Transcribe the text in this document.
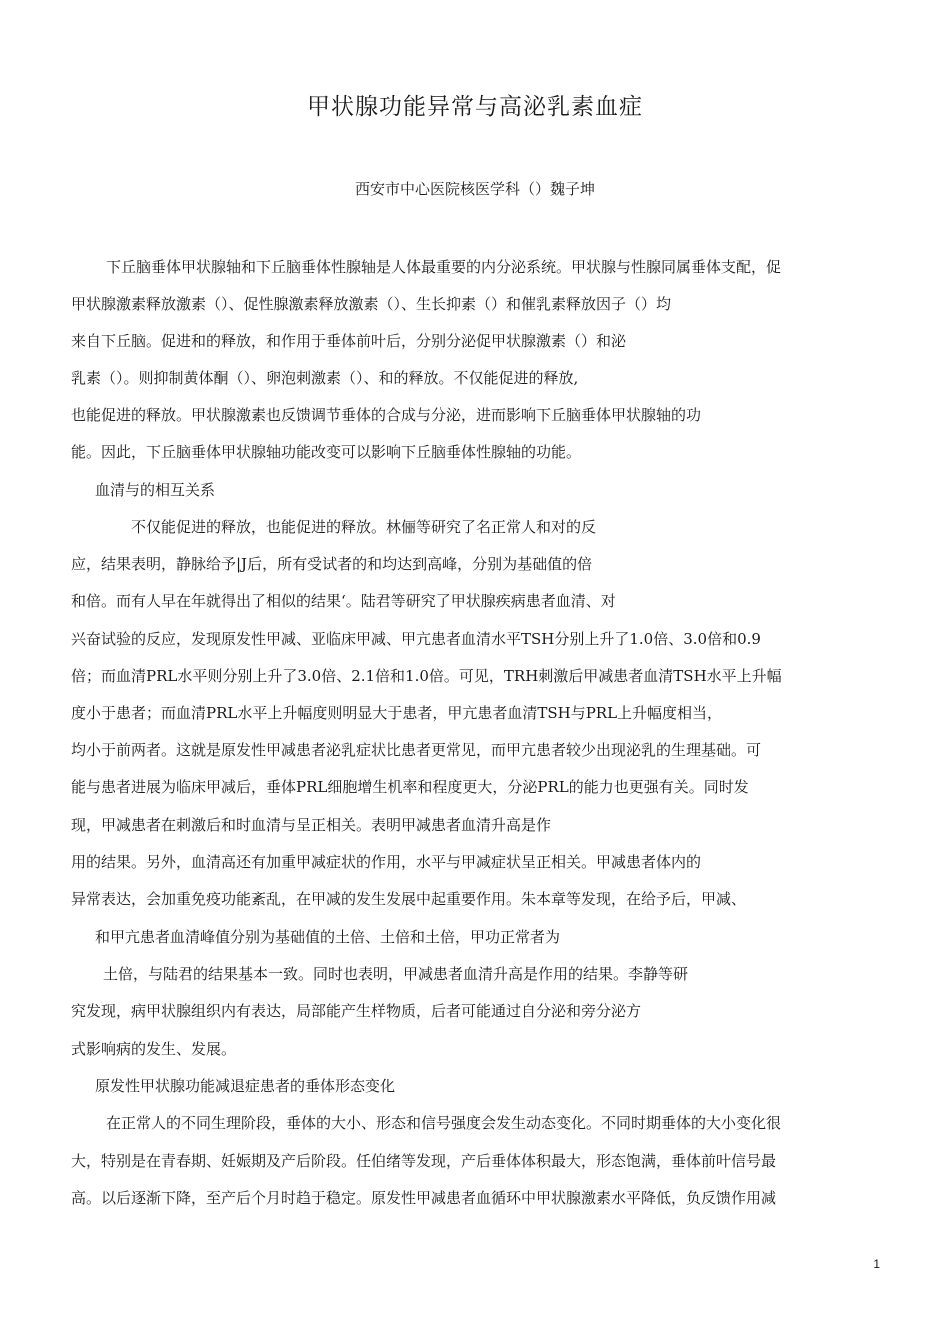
甲状腺功能异常与高泌乳素血症
西安市中心医院核医学科（）魏子坤
下丘脑垂体甲状腺轴和下丘脑垂体性腺轴是人体最重要的内分泌系统。甲状腺与性腺同属垂体支配，促
甲状腺激素释放激素（）、促性腺激素释放激素（）、生长抑素（）和催乳素释放因子（）均
来自下丘脑。促进和的释放，和作用于垂体前叶后，分别分泌促甲状腺激素（）和泌
乳素（）。则抑制黄体酮（）、卵泡刺激素（）、和的释放。不仅能促进的释放,
也能促进的释放。甲状腺激素也反馈调节垂体的合成与分泌，进而影响下丘脑垂体甲状腺轴的功
能。因此，下丘脑垂体甲状腺轴功能改变可以影响下丘脑垂体性腺轴的功能。
血清与的相互关系
不仅能促进的释放，也能促进的释放。林俪等研究了名正常人和对的反
应，结果表明，静脉给予|J后，所有受试者的和均达到高峰，分别为基础值的倍
和倍。而有人早在年就得出了相似的结果‘。陆君等研究了甲状腺疾病患者血清、对
兴奋试验的反应，发现原发性甲减、亚临床甲减、甲亢患者血清水平TSH分别上升了1.0倍、3.0倍和0.9
倍；而血清PRL水平则分别上升了3.0倍、2.1倍和1.0倍。可见，TRH刺激后甲减患者血清TSH水平上升幅
度小于患者；而血清PRL水平上升幅度则明显大于患者，甲亢患者血清TSH与PRL上升幅度相当，
均小于前两者。这就是原发性甲减患者泌乳症状比患者更常见，而甲亢患者较少出现泌乳的生理基础。可
能与患者进展为临床甲减后，垂体PRL细胞增生机率和程度更大，分泌PRL的能力也更强有关。同时发
现，甲减患者在刺激后和时血清与呈正相关。表明甲减患者血清升高是作
用的结果。另外，血清高还有加重甲减症状的作用，水平与甲减症状呈正相关。甲减患者体内的
异常表达，会加重免疫功能紊乱，在甲减的发生发展中起重要作用。朱本章等发现，在给予后，甲减、
和甲亢患者血清峰值分别为基础值的土倍、土倍和土倍，甲功正常者为
土倍，与陆君的结果基本一致。同时也表明，甲减患者血清升高是作用的结果。李静等研
究发现，病甲状腺组织内有表达，局部能产生样物质，后者可能通过自分泌和旁分泌方
式影响病的发生、发展。
原发性甲状腺功能减退症患者的垂体形态变化
在正常人的不同生理阶段，垂体的大小、形态和信号强度会发生动态变化。不同时期垂体的大小变化很
大，特别是在青春期、妊娠期及产后阶段。任伯绪等发现，产后垂体体积最大，形态饱满，垂体前叶信号最
高。以后逐渐下降，至产后个月时趋于稳定。原发性甲减患者血循环中甲状腺激素水平降低，负反馈作用减
1
